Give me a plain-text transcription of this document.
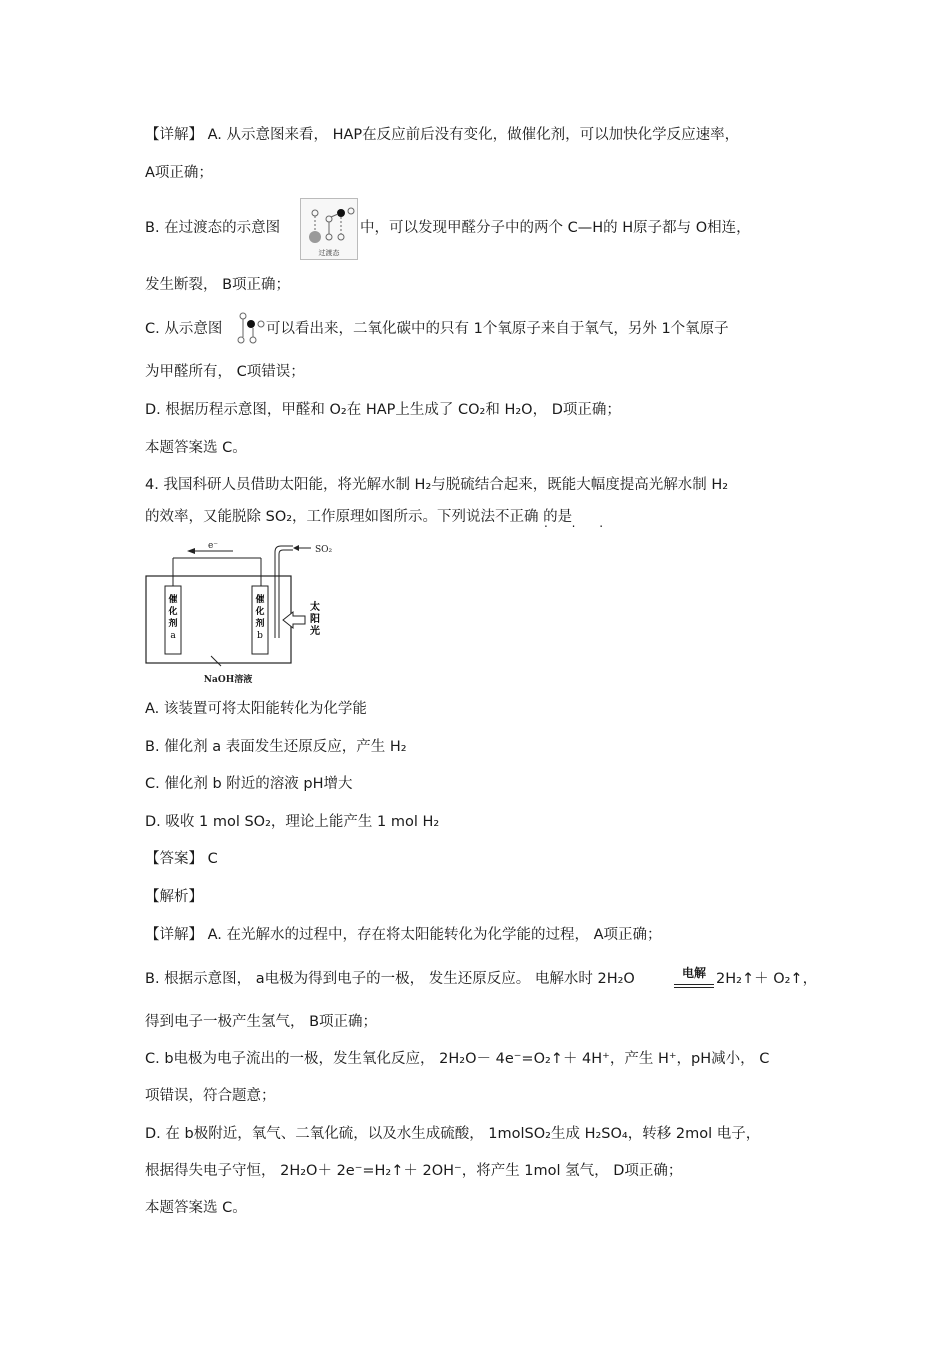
【详解】 A. 从示意图来看， HAP在反应前后没有变化，做催化剂，可以加快化学反应速率，
A项正确；
B. 在过渡态的示意图
过渡态
中，可以发现甲醛分子中的两个 C—H的 H原子都与 O相连，
发生断裂， B项正确；
C. 从示意图	可以看出来，二氧化碳中的只有 1个氧原子来自于氧气，另外 1个氧原子
为甲醛所有， C项错误；
D. 根据历程示意图，甲醛和 O₂在 HAP上生成了 CO₂和 H₂O， D项正确；
本题答案选 C。
4. 我国科研人员借助太阳能，将光解水制 H₂与脱硫结合起来，既能大幅度提高光解水制 H₂
的效率，又能脱除 SO₂，工作原理如图所示。下列说法不正确 的是
. . .
e⁻
催
化
剂
a
催
化
剂
b
SO₂
太
阳
光
NaOH溶液
A. 该装置可将太阳能转化为化学能
B. 催化剂 a 表面发生还原反应，产生 H₂
C. 催化剂 b 附近的溶液 pH增大
D. 吸收 1 mol SO₂，理论上能产生 1 mol H₂
【答案】 C
【解析】
【详解】 A. 在光解水的过程中，存在将太阳能转化为化学能的过程， A项正确；
B. 根据示意图， a电极为得到电子的一极， 发生还原反应。 电解水时 2H₂O	电解 2H₂↑＋ O₂↑，
得到电子一极产生氢气， B项正确；
C. b电极为电子流出的一极，发生氧化反应， 2H₂O－ 4e⁻=O₂↑＋ 4H⁺，产生 H⁺，pH减小， C
项错误，符合题意；
D. 在 b极附近，氧气、二氧化硫，以及水生成硫酸， 1molSO₂生成 H₂SO₄，转移 2mol 电子，
根据得失电子守恒， 2H₂O＋ 2e⁻=H₂↑＋ 2OH⁻，将产生 1mol 氢气， D项正确；
本题答案选 C。
